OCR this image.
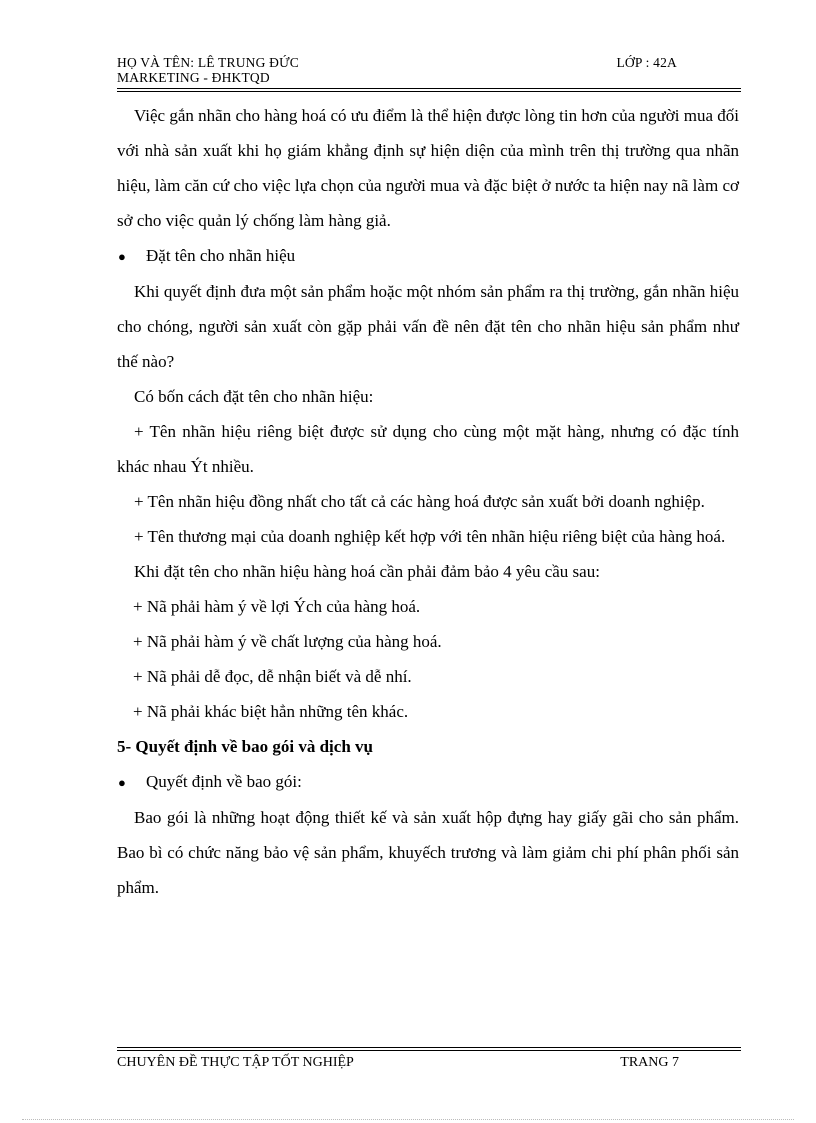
HỌ VÀ TÊN: LÊ TRUNG ĐỨC	LỚP : 42A
MARKETING - ĐHKTQD

Việc gắn nhãn cho hàng hoá có ưu điểm là thể hiện được lòng tin hơn của người mua đối với nhà sản xuất khi họ giám khẳng định sự hiện diện của mình trên thị trường qua nhãn hiệu, làm căn cứ cho việc lựa chọn của người mua và đặc biệt ở nước ta hiện nay nã làm cơ sở cho việc quản lý chống làm hàng giả.

●	Đặt tên cho nhãn hiệu

Khi quyết định đưa một sản phẩm hoặc một nhóm sản phẩm ra thị trường, gắn nhãn hiệu cho chóng, người sản xuất còn gặp phải vấn đề nên đặt tên cho nhãn hiệu sản phẩm như thế nào?

Có bốn cách đặt tên cho nhãn hiệu:

+ Tên nhãn hiệu riêng biệt được sử dụng cho cùng một mặt hàng, nhưng có đặc tính khác nhau Ýt nhiều.

+ Tên nhãn hiệu đồng nhất cho tất cả các hàng hoá được sản xuất bởi doanh nghiệp.

+ Tên thương mại của doanh nghiệp kết hợp với tên nhãn hiệu riêng biệt của hàng hoá.

Khi đặt tên cho nhãn hiệu hàng hoá cần phải đảm bảo 4 yêu cầu sau:

+ Nã phải hàm ý về lợi Ých của hàng hoá.

+ Nã phải hàm ý về chất lượng của hàng hoá.

+ Nã phải dễ đọc, dễ nhận biết và dễ nhí.

+ Nã phải khác biệt hẳn những tên khác.

5- Quyết định về bao gói và dịch vụ
●	Quyết định về bao gói:

Bao gói là những hoạt động thiết kế và sản xuất hộp đựng hay giấy gãi cho sản phẩm. Bao bì có chức năng bảo vệ sản phẩm, khuyếch trương và làm giảm chi phí phân phối sản phẩm.

CHUYÊN ĐỀ THỰC TẬP TỐT NGHIỆP	TRANG 7
